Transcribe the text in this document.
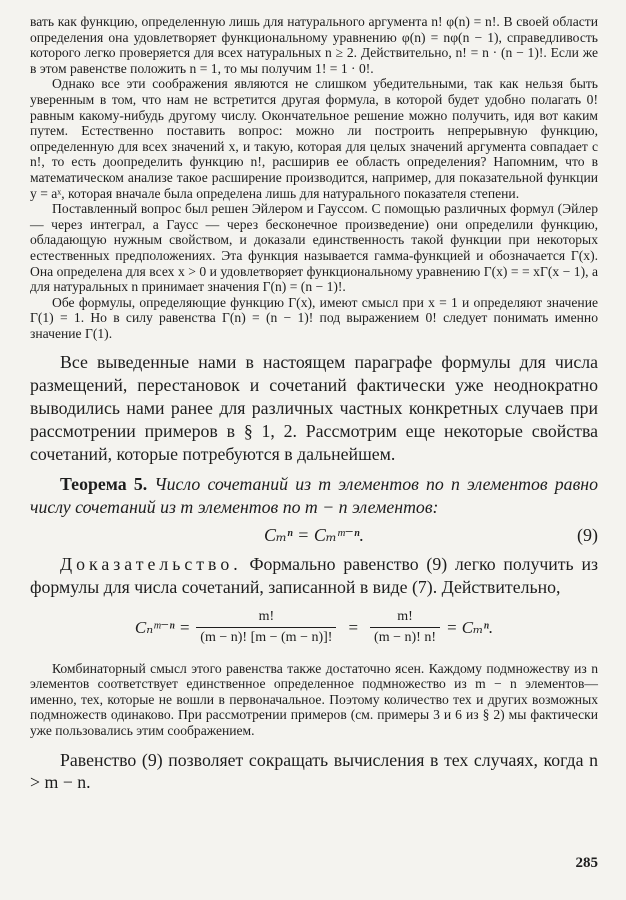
вать как функцию, определенную лишь для натурального аргумента n! φ(n) = n!. В своей области определения она удовлетворяет функциональному уравнению φ(n) = nφ(n − 1), справедливость которого легко проверяется для всех натуральных n ≥ 2. Действительно, n! = n · (n − 1)!. Если же в этом равенстве положить n = 1, то мы получим 1! = 1 · 0!.

Однако все эти соображения являются не слишком убедительными, так как нельзя быть уверенным в том, что нам не встретится другая формула, в которой будет удобно полагать 0! равным какому-нибудь другому числу. Окончательное решение можно получить, идя вот каким путем. Естественно поставить вопрос: можно ли построить непрерывную функцию, определенную для всех значений x, и такую, которая для целых значений аргумента совпадает с n!, то есть доопределить функцию n!, расширив ее область определения? Напомним, что в математическом анализе такое расширение производится, например, для показательной функции y = aˣ, которая вначале была определена лишь для натурального показателя степени.

Поставленный вопрос был решен Эйлером и Гауссом. С помощью различных формул (Эйлер — через интеграл, а Гаусс — через бесконечное произведение) они определили функцию, обладающую нужным свойством, и доказали единственность такой функции при некоторых естественных предположениях. Эта функция называется гамма-функцией и обозначается Γ(x). Она определена для всех x > 0 и удовлетворяет функциональному уравнению Γ(x) = = xΓ(x − 1), а для натуральных n принимает значения Γ(n) = (n − 1)!.

Обе формулы, определяющие функцию Γ(x), имеют смысл при x = 1 и определяют значение Γ(1) = 1. Но в силу равенства Γ(n) = (n − 1)! под выражением 0! следует понимать именно значение Γ(1).

Все выведенные нами в настоящем параграфе формулы для числа размещений, перестановок и сочетаний фактически уже неоднократно выводились нами ранее для различных частных конкретных случаев при рассмотрении примеров в § 1, 2. Рассмотрим еще некоторые свойства сочетаний, которые потребуются в дальнейшем.

Теорема 5. Число сочетаний из m элементов по n элементов равно числу сочетаний из m элементов по m − n элементов:

Cₘⁿ = Cₘᵐ⁻ⁿ.	(9)

Доказательство. Формально равенство (9) легко получить из формулы для числа сочетаний, записанной в виде (7). Действительно,

Cₙᵐ⁻ⁿ = $\frac{m!}{(m - n)! [m - (m - n)]!} = \frac{m!}{(m - n)! n!} = C_m^n$.

Комбинаторный смысл этого равенства также достаточно ясен. Каждому подмножеству из n элементов соответствует единственное определенное подмножество из m − n элементов—именно, тех, которые не вошли в первоначальное. Поэтому количество тех и других возможных подмножеств одинаково. При рассмотрении примеров (см. примеры 3 и 6 из § 2) мы фактически уже пользовались этим соображением.

Равенство (9) позволяет сокращать вычисления в тех случаях, когда n > m − n.

285
